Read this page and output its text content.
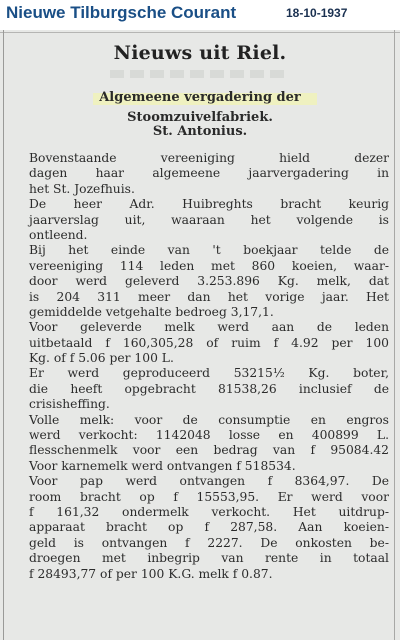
Nieuwe Tilburgsche Courant	18-10-1937
Nieuws uit Riel.
Algemeene vergadering der
Stoomzuivelfabriek.
St. Antonius.
Bovenstaande vereeniging hield dezer
dagen haar algemeene jaarvergadering in
het St. Jozefhuis.
De heer Adr. Huibreghts bracht keurig
jaarverslag uit, waaraan het volgende is
ontleend.
Bij het einde van 't boekjaar telde de
vereeniging 114 leden met 860 koeien, waar-
door werd geleverd 3.253.896 Kg. melk, dat
is 204 311 meer dan het vorige jaar. Het
gemiddelde vetgehalte bedroeg 3,17,1.
Voor geleverde melk werd aan de leden
uitbetaald f 160,305,28 of ruim f 4.92 per 100
Kg. of f 5.06 per 100 L.
Er werd geproduceerd 53215½ Kg. boter,
die heeft opgebracht 81538,26 inclusief de
crisisheffing.
Volle melk: voor de consumptie en engros
werd verkocht: 1142048 losse en 400899 L.
flesschenmelk voor een bedrag van f 95084.42
Voor karnemelk werd ontvangen f 518534.
Voor pap werd ontvangen f 8364,97. De
room bracht op f 15553,95. Er werd voor
f 161,32 ondermelk verkocht. Het uitdrup-
apparaat bracht op f 287,58. Aan koeien-
geld is ontvangen f 2227. De onkosten be-
droegen met inbegrip van rente in totaal
f 28493,77 of per 100 K.G. melk f 0.87.
